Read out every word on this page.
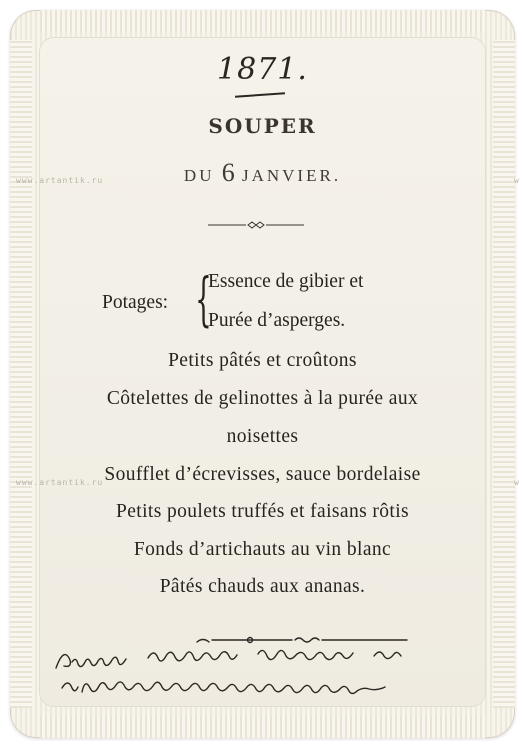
1871.
SOUPER
DU 6 JANVIER.
www.artantik.ru
www.artantik.ru
w
w
Potages: {
Essence de gibier et
Purée d’asperges.
Petits pâtés et croûtons
Côtelettes de gelinottes à la purée aux
noisettes
Soufflet d’écrevisses, sauce bordelaise
Petits poulets truffés et faisans rôtis
Fonds d’artichauts au vin blanc
Pâtés chauds aux ananas.
